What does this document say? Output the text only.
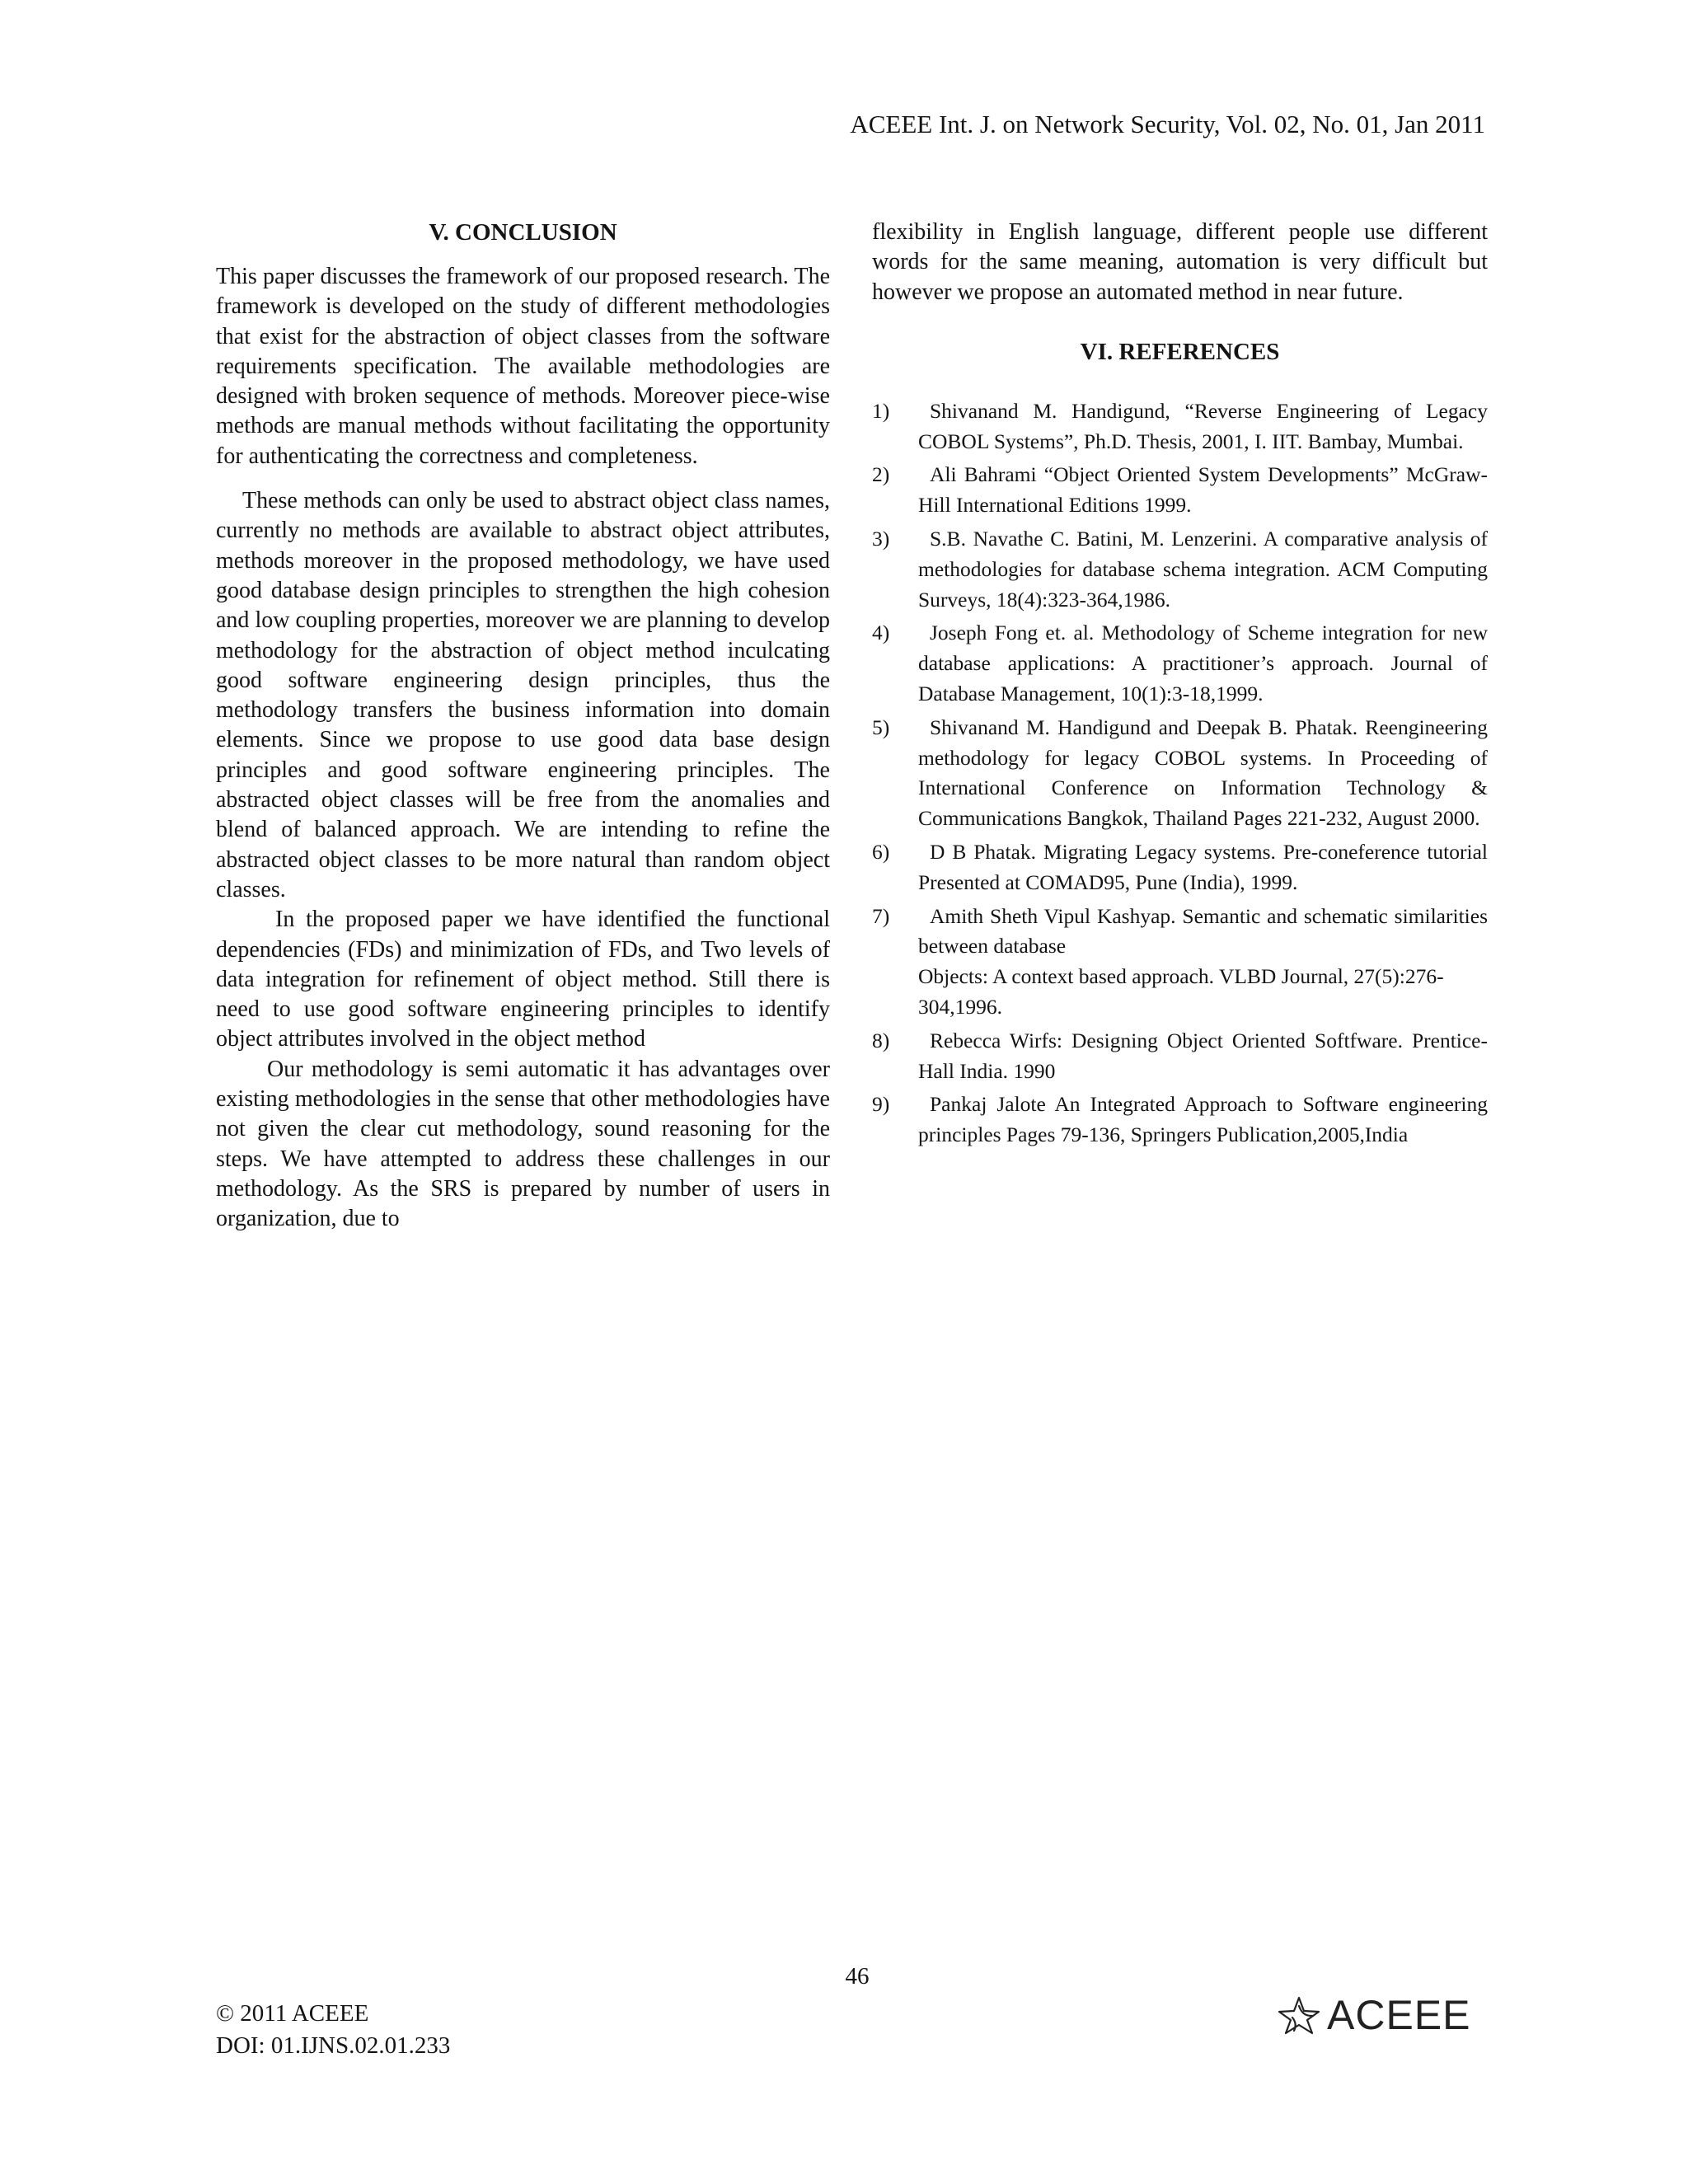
ACEEE Int. J. on Network Security, Vol. 02, No. 01, Jan 2011
V. CONCLUSION

This paper discusses the framework of our proposed research. The framework is developed on the study of different methodologies that exist for the abstraction of object classes from the software requirements specification. The available methodologies are designed with broken sequence of methods. Moreover piece-wise methods are manual methods without facilitating the opportunity for authenticating the correctness and completeness.

These methods can only be used to abstract object class names, currently no methods are available to abstract object attributes, methods moreover in the proposed methodology, we have used good database design principles to strengthen the high cohesion and low coupling properties, moreover we are planning to develop methodology for the abstraction of object method inculcating good software engineering design principles, thus the methodology transfers the business information into domain elements. Since we propose to use good data base design principles and good software engineering principles. The abstracted object classes will be free from the anomalies and blend of balanced approach. We are intending to refine the abstracted object classes to be more natural than random object classes.

In the proposed paper we have identified the functional dependencies (FDs) and minimization of FDs, and Two levels of data integration for refinement of object method. Still there is need to use good software engineering principles to identify object attributes involved in the object method

Our methodology is semi automatic it has advantages over existing methodologies in the sense that other methodologies have not given the clear cut methodology, sound reasoning for the steps. We have attempted to address these challenges in our methodology. As the SRS is prepared by number of users in organization, due to

flexibility in English language, different people use different words for the same meaning, automation is very difficult but however we propose an automated method in near future.

VI. REFERENCES
1)	Shivanand M. Handigund, “Reverse Engineering of Legacy COBOL Systems”, Ph.D. Thesis, 2001, I. IIT. Bambay, Mumbai.
2)	Ali Bahrami “Object Oriented System Developments” McGraw-Hill International Editions 1999.
3)	S.B. Navathe C. Batini, M. Lenzerini. A comparative analysis of methodologies for database schema integration. ACM Computing Surveys, 18(4):323-364,1986.
4)	Joseph Fong et. al. Methodology of Scheme integration for new database applications: A practitioner’s approach. Journal of Database Management, 10(1):3-18,1999.
5)	Shivanand M. Handigund and Deepak B. Phatak. Reengineering methodology for legacy COBOL systems. In Proceeding of International Conference on Information Technology & Communications Bangkok, Thailand Pages 221-232, August 2000.
6)	D B Phatak. Migrating Legacy systems. Pre-coneference tutorial Presented at COMAD95, Pune (India), 1999.
7)	Amith Sheth Vipul Kashyap. Semantic and schematic similarities between database
Objects: A context based approach. VLBD Journal, 27(5):276-
304,1996.
8)	Rebecca Wirfs: Designing Object Oriented Softfware. Prentice-Hall India. 1990
9)	Pankaj Jalote An Integrated Approach to Software engineering principles Pages 79-136, Springers Publication,2005,India
46
© 2011 ACEEE
DOI: 01.IJNS.02.01.233
ACEEE
